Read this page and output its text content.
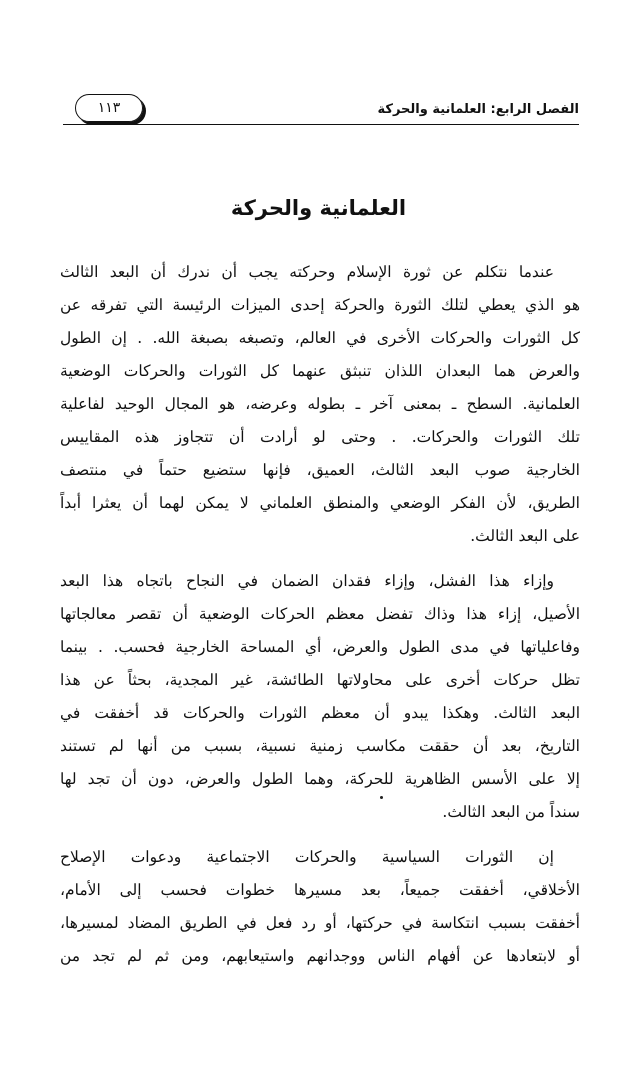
الفصل الرابع: العلمانية والحركة
١١٣
العلمانية والحركة
عندما نتكلم عن ثورة الإسلام وحركته يجب أن ندرك أن البعد الثالث
هو الذي يعطي لتلك الثورة والحركة إحدى الميزات الرئيسة التي تفرقه عن
كل الثورات والحركات الأخرى في العالم، وتصبغه بصبغة الله. . إن الطول
والعرض هما البعدان اللذان تنبثق عنهما كل الثورات والحركات الوضعية
العلمانية. السطح ـ بمعنى آخر ـ بطوله وعرضه، هو المجال الوحيد لفاعلية
تلك الثورات والحركات. . وحتى لو أرادت أن تتجاوز هذه المقاييس
الخارجية صوب البعد الثالث، العميق، فإنها ستضيع حتماً في منتصف
الطريق، لأن الفكر الوضعي والمنطق العلماني لا يمكن لهما أن يعثرا أبداً
على البعد الثالث.
وإزاء هذا الفشل، وإزاء فقدان الضمان في النجاح باتجاه هذا البعد
الأصيل، إزاء هذا وذاك تفضل معظم الحركات الوضعية أن تقصر معالجاتها
وفاعلياتها في مدى الطول والعرض، أي المساحة الخارجية فحسب. . بينما
تظل حركات أخرى على محاولاتها الطائشة، غير المجدية، بحثاً عن هذا
البعد الثالث. وهكذا يبدو أن معظم الثورات والحركات قد أخفقت في
التاريخ، بعد أن حققت مكاسب زمنية نسبية، بسبب من أنها لم تستند
إلا على الأسس الظاهرية للحركة، وهما الطول والعرض، دون أن تجد لها
سنداً من البعد الثالث.
إن الثورات السياسية والحركات الاجتماعية ودعوات الإصلاح
الأخلاقي، أخفقت جميعاً، بعد مسيرها خطوات فحسب إلى الأمام،
أخفقت بسبب انتكاسة في حركتها، أو رد فعل في الطريق المضاد لمسيرها،
أو لابتعادها عن أفهام الناس ووجدانهم واستيعابهم، ومن ثم لم تجد من
